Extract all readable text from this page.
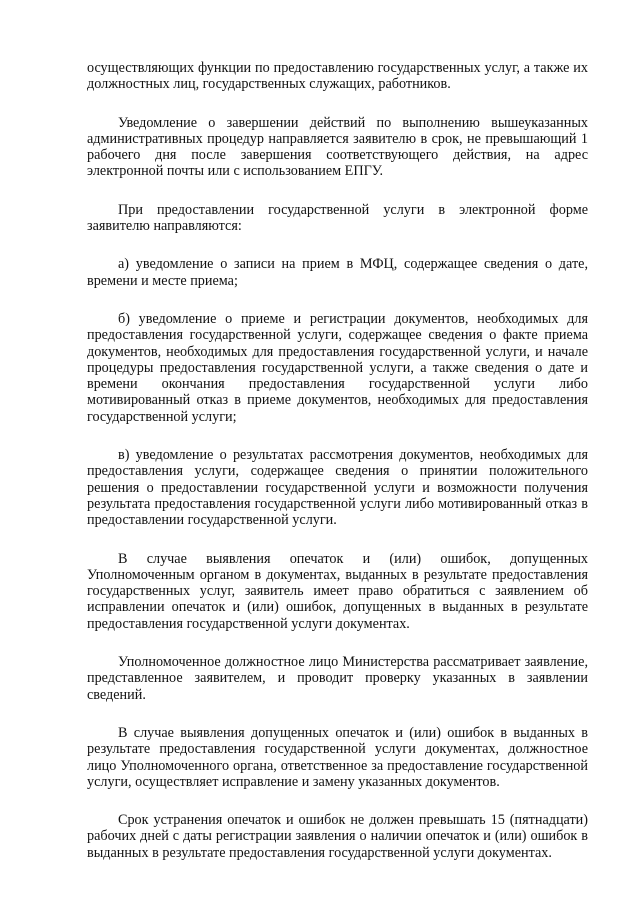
осуществляющих функции по предоставлению государственных услуг, а также их должностных лиц, государственных служащих, работников.

Уведомление о завершении действий по выполнению вышеуказанных административных процедур направляется заявителю в срок, не превышающий 1 рабочего дня после завершения соответствующего действия, на адрес электронной почты или с использованием ЕПГУ.

При предоставлении государственной услуги в электронной форме заявителю направляются:

а) уведомление о записи на прием в МФЦ, содержащее сведения о дате, времени и месте приема;

б) уведомление о приеме и регистрации документов, необходимых для предоставления государственной услуги, содержащее сведения о факте приема документов, необходимых для предоставления государственной услуги, и начале процедуры предоставления государственной услуги, а также сведения о дате и времени окончания предоставления государственной услуги либо мотивированный отказ в приеме документов, необходимых для предоставления государственной услуги;

в) уведомление о результатах рассмотрения документов, необходимых для предоставления услуги, содержащее сведения о принятии положительного решения о предоставлении государственной услуги и возможности получения результата предоставления государственной услуги либо мотивированный отказ в предоставлении государственной услуги.

В случае выявления опечаток и (или) ошибок, допущенных Уполномоченным органом в документах, выданных в результате предоставления государственных услуг, заявитель имеет право обратиться с заявлением об исправлении опечаток и (или) ошибок, допущенных в выданных в результате предоставления государственной услуги документах.

Уполномоченное должностное лицо Министерства рассматривает заявление, представленное заявителем, и проводит проверку указанных в заявлении сведений.

В случае выявления допущенных опечаток и (или) ошибок в выданных в результате предоставления государственной услуги документах, должностное лицо Уполномоченного органа, ответственное за предоставление государственной услуги, осуществляет исправление и замену указанных документов.

Срок устранения опечаток и ошибок не должен превышать 15 (пятнадцати) рабочих дней с даты регистрации заявления о наличии опечаток и (или) ошибок в выданных в результате предоставления государственной услуги документах.
